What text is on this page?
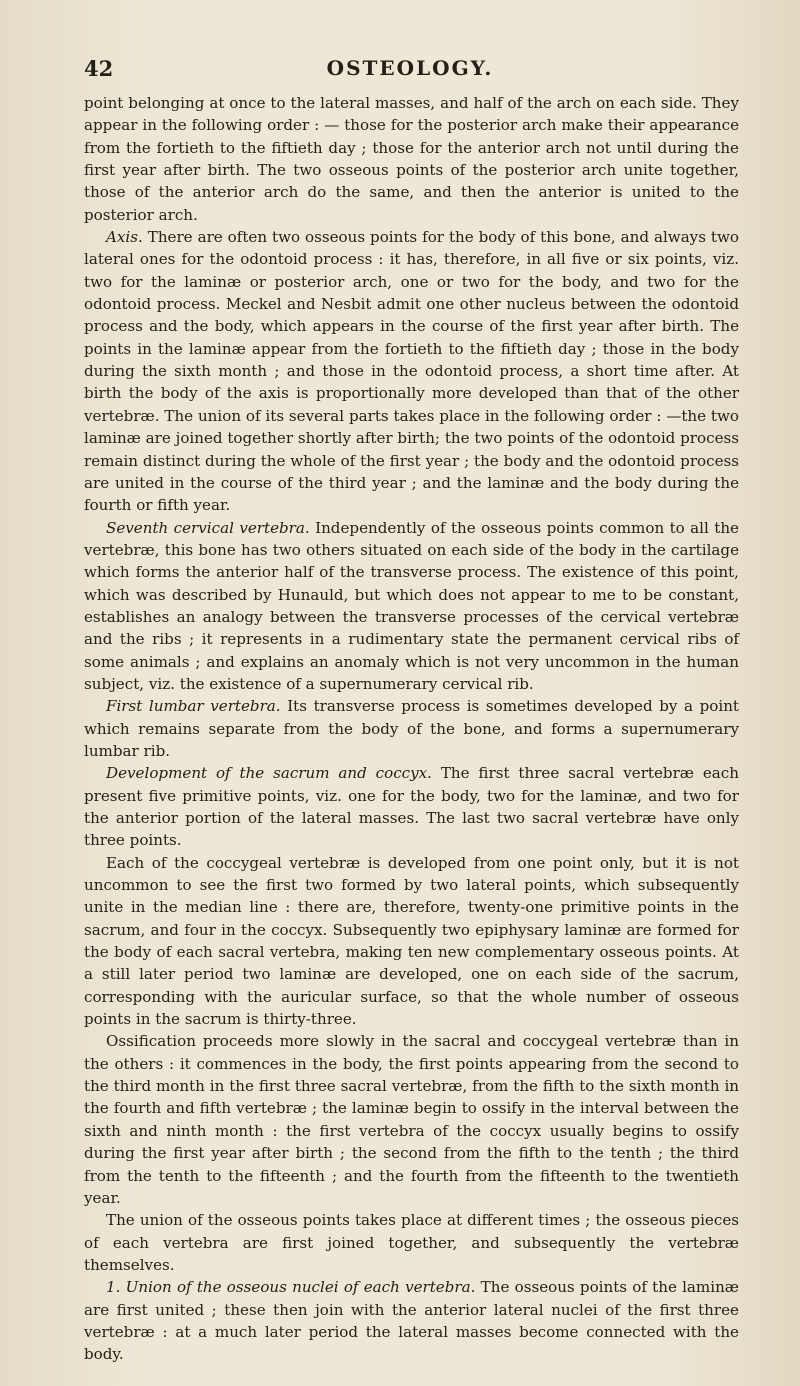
42	OSTEOLOGY.

point belonging at once to the lateral masses, and half of the arch on each side. They appear in the following order : — those for the posterior arch make their appearance from the fortieth to the fiftieth day ; those for the anterior arch not until during the first year after birth. The two osseous points of the posterior arch unite together, those of the anterior arch do the same, and then the anterior is united to the posterior arch.

Axis. There are often two osseous points for the body of this bone, and always two lateral ones for the odontoid process : it has, therefore, in all five or six points, viz. two for the laminæ or posterior arch, one or two for the body, and two for the odontoid process. Meckel and Nesbit admit one other nucleus between the odontoid process and the body, which appears in the course of the first year after birth. The points in the laminæ appear from the fortieth to the fiftieth day ; those in the body during the sixth month ; and those in the odontoid process, a short time after. At birth the body of the axis is proportionally more developed than that of the other vertebræ. The union of its several parts takes place in the following order : —the two laminæ are joined together shortly after birth; the two points of the odontoid process remain distinct during the whole of the first year ; the body and the odontoid process are united in the course of the third year ; and the laminæ and the body during the fourth or fifth year.

Seventh cervical vertebra. Independently of the osseous points common to all the vertebræ, this bone has two others situated on each side of the body in the cartilage which forms the anterior half of the transverse process. The existence of this point, which was described by Hunauld, but which does not appear to me to be constant, establishes an analogy between the transverse processes of the cervical vertebræ and the ribs ; it represents in a rudimentary state the permanent cervical ribs of some animals ; and explains an anomaly which is not very uncommon in the human subject, viz. the existence of a supernumerary cervical rib.

First lumbar vertebra. Its transverse process is sometimes developed by a point which remains separate from the body of the bone, and forms a supernumerary lumbar rib.

Development of the sacrum and coccyx. The first three sacral vertebræ each present five primitive points, viz. one for the body, two for the laminæ, and two for the anterior portion of the lateral masses. The last two sacral vertebræ have only three points.

Each of the coccygeal vertebræ is developed from one point only, but it is not uncommon to see the first two formed by two lateral points, which subsequently unite in the median line : there are, therefore, twenty-one primitive points in the sacrum, and four in the coccyx. Subsequently two epiphysary laminæ are formed for the body of each sacral vertebra, making ten new complementary osseous points. At a still later period two laminæ are developed, one on each side of the sacrum, corresponding with the auricular surface, so that the whole number of osseous points in the sacrum is thirty-three.

Ossification proceeds more slowly in the sacral and coccygeal vertebræ than in the others : it commences in the body, the first points appearing from the second to the third month in the first three sacral vertebræ, from the fifth to the sixth month in the fourth and fifth vertebræ ; the laminæ begin to ossify in the interval between the sixth and ninth month : the first vertebra of the coccyx usually begins to ossify during the first year after birth ; the second from the fifth to the tenth ; the third from the tenth to the fifteenth ; and the fourth from the fifteenth to the twentieth year.

The union of the osseous points takes place at different times ; the osseous pieces of each vertebra are first joined together, and subsequently the vertebræ themselves.

1. Union of the osseous nuclei of each vertebra. The osseous points of the laminæ are first united ; these then join with the anterior lateral nuclei of the first three vertebræ : at a much later period the lateral masses become connected with the body.
